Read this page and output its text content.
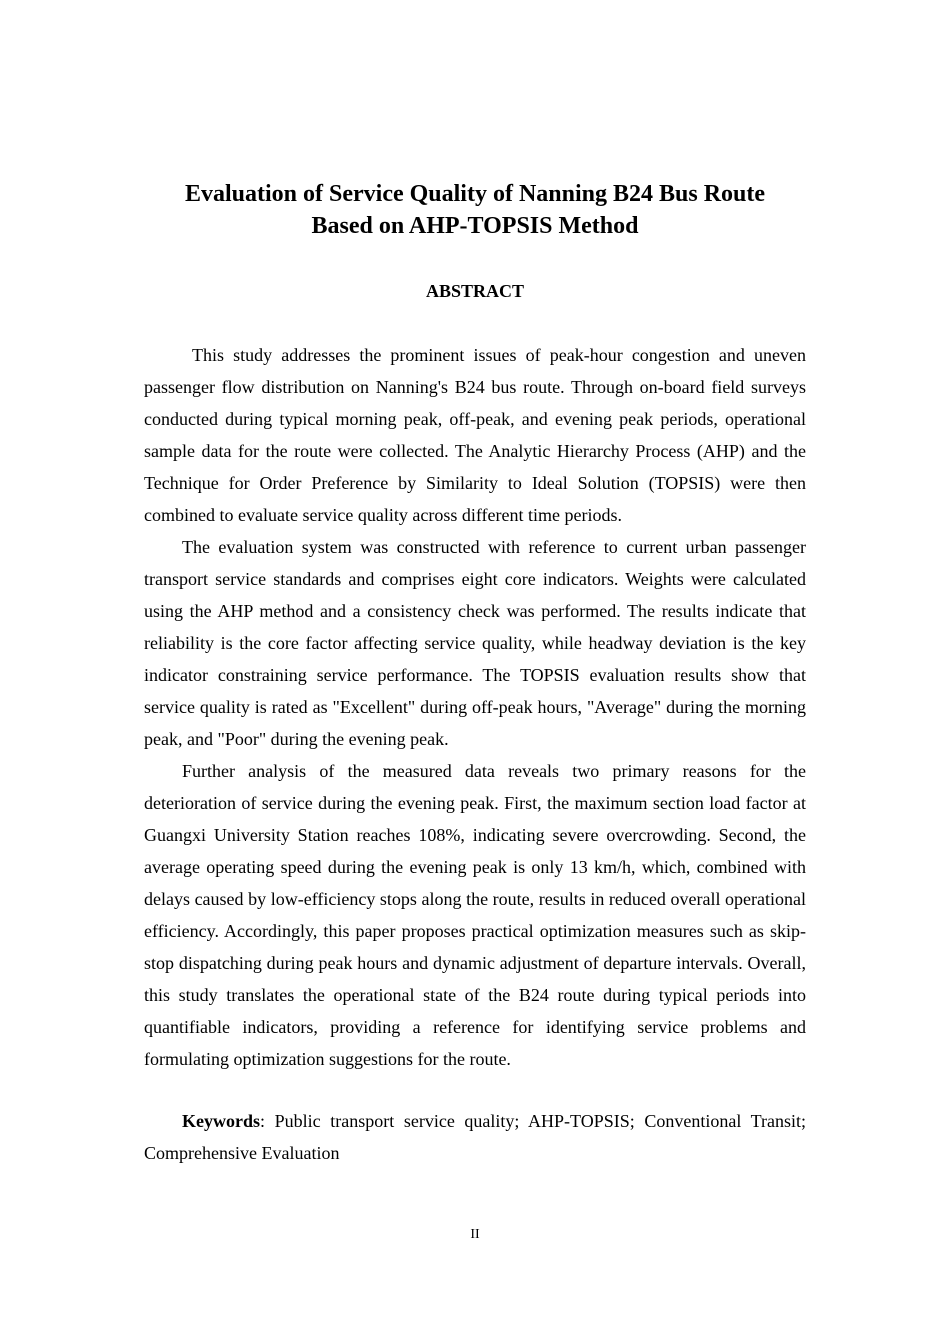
Evaluation of Service Quality of Nanning B24 Bus Route
Based on AHP-TOPSIS Method
ABSTRACT

This study addresses the prominent issues of peak-hour congestion and uneven passenger flow distribution on Nanning's B24 bus route. Through on-board field surveys conducted during typical morning peak, off-peak, and evening peak periods, operational sample data for the route were collected. The Analytic Hierarchy Process (AHP) and the Technique for Order Preference by Similarity to Ideal Solution (TOPSIS) were then combined to evaluate service quality across different time periods.

The evaluation system was constructed with reference to current urban passenger transport service standards and comprises eight core indicators. Weights were calculated using the AHP method and a consistency check was performed. The results indicate that reliability is the core factor affecting service quality, while headway deviation is the key indicator constraining service performance. The TOPSIS evaluation results show that service quality is rated as "Excellent" during off-peak hours, "Average" during the morning peak, and "Poor" during the evening peak.

Further analysis of the measured data reveals two primary reasons for the deterioration of service during the evening peak. First, the maximum section load factor at Guangxi University Station reaches 108%, indicating severe overcrowding. Second, the average operating speed during the evening peak is only 13 km/h, which, combined with delays caused by low-efficiency stops along the route, results in reduced overall operational efficiency. Accordingly, this paper proposes practical optimization measures such as skip-stop dispatching during peak hours and dynamic adjustment of departure intervals. Overall, this study translates the operational state of the B24 route during typical periods into quantifiable indicators, providing a reference for identifying service problems and formulating optimization suggestions for the route.

Keywords: Public transport service quality; AHP-TOPSIS; Conventional Transit; Comprehensive Evaluation

II
